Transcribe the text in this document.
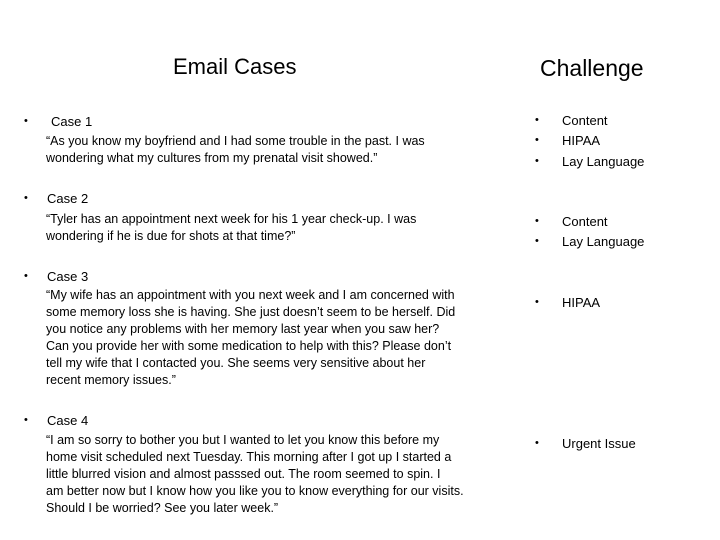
Email Cases	Challenge
• Case 1
“As you know my boyfriend and I had some trouble in the past. I was
wondering what my cultures from my prenatal visit showed.”
• Case 2
“Tyler has an appointment next week for his 1 year check-up. I was
wondering if he is due for shots at that time?”
• Case 3
“My wife has an appointment with you next week and I am concerned with
some memory loss she is having. She just doesn’t seem to be herself. Did
you notice any problems with her memory last year when you saw her?
Can you provide her with some medication to help with this? Please don’t
tell my wife that I contacted you. She seems very sensitive about her
recent memory issues.”
• Case 4
“I am so sorry to bother you but I wanted to let you know this before my
home visit scheduled next Tuesday. This morning after I got up I started a
little blurred vision and almost passsed out. The room seemed to spin. I
am better now but I know how you like you to know everything for our visits.
Should I be worried? See you later week.”
• Content
• HIPAA
• Lay Language
• Content
• Lay Language
• HIPAA
• Urgent Issue
